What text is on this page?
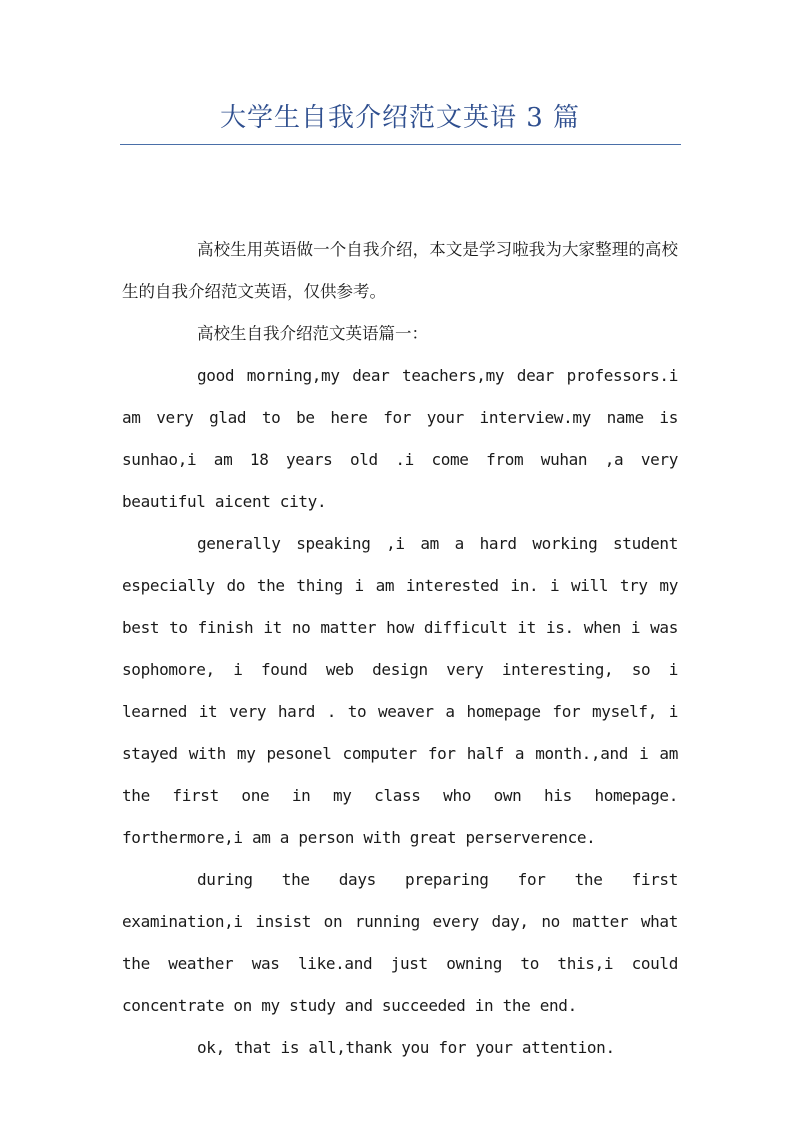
大学生自我介绍范文英语 3 篇

高校生用英语做一个自我介绍，本文是学习啦我为大家整理的高校生的自我介绍范文英语，仅供参考。

高校生自我介绍范文英语篇一：

good morning,my dear teachers,my dear professors.i am very glad to be here for your interview.my name is sunhao,i am 18 years old .i come from wuhan ,a very beautiful aicent city.

generally speaking ,i am a hard working student especially do the thing i am interested in. i will try my best to finish it no matter how difficult it is. when i was sophomore, i found web design very interesting, so i learned it very hard . to weaver a homepage for myself, i stayed with my pesonel computer for half a month.,and i am the first one in my class who own his homepage. forthermore,i am a person with great perserverence.

during the days preparing for the first examination,i insist on running every day, no matter what the weather was like.and just owning to this,i could concentrate on my study and succeeded in the end.

ok, that is all,thank you for your attention.
